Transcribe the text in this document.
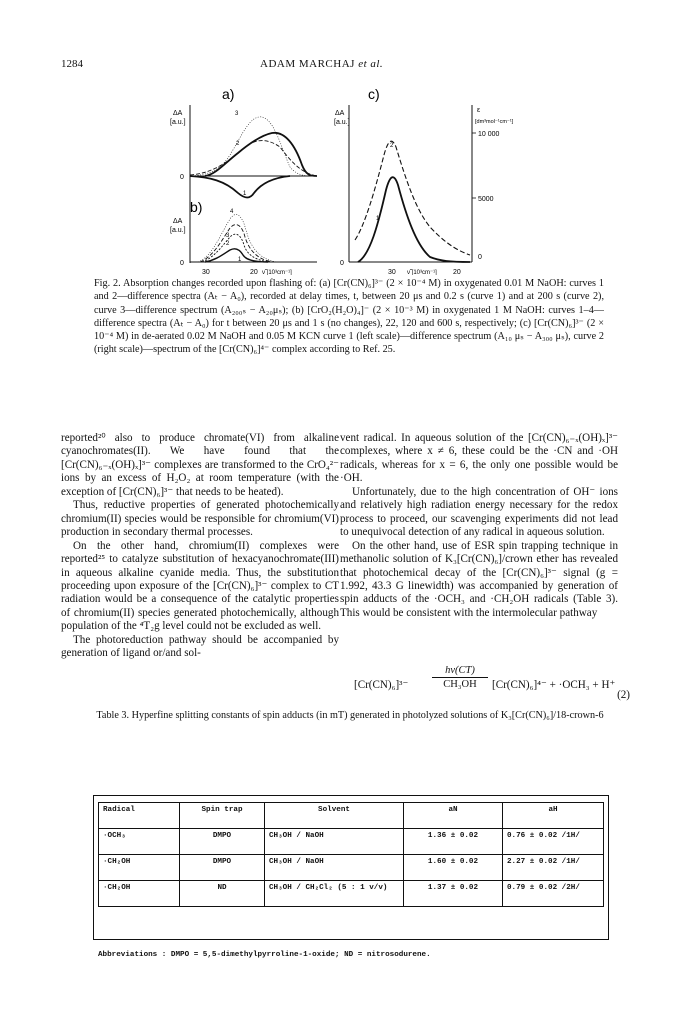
1284	ADAM MARCHAJ et al.
a)
ΔA
[a.u.]
0
3
2
1
b)
ΔA
[a.u.]
0
4
3
2
1
30	20 ν̃ [10³cm⁻¹]
c)
ΔA
[a.u.]
ε
[dm³mol⁻¹cm⁻¹]
10 000
5000
0
0
2
1
30 ν̃ [10³cm⁻¹] 20
Fig. 2. Absorption changes recorded upon flashing of: (a) [Cr(CN)₆]³⁻ (2 × 10⁻⁴ M) in oxygenated 0.01 M NaOH: curves 1 and 2—difference spectra (Aₜ − A₀), recorded at delay times, t, between 20 μs and 0.2 s (curve 1) and at 200 s (curve 2), curve 3—difference spectrum (A₂₀₀ₛ − A₂₀μₛ); (b) [CrO₂(H₂O)₄]⁻ (2 × 10⁻³ M) in oxygenated 1 M NaOH: curves 1–4—difference spectra (Aₜ − A₀) for t between 20 μs and 1 s (no changes), 22, 120 and 600 s, respectively; (c) [Cr(CN)₆]³⁻ (2 × 10⁻⁴ M) in de-aerated 0.02 M NaOH and 0.05 M KCN curve 1 (left scale)—difference spectrum (A₁₀ μₛ − A₃₀₀ μₛ), curve 2 (right scale)—spectrum of the [Cr(CN)₆]⁴⁻ complex according to Ref. 25.

reported²⁰ also to produce chromate(VI) from alkaline cyanochromates(II). We have found that the [Cr(CN)₆₋ₓ(OH)ₓ]³⁻ complexes are transformed to the CrO₄²⁻ ions by an excess of H₂O₂ at room temperature (with the exception of [Cr(CN)₆]³⁻ that needs to be heated).

Thus, reductive properties of generated photochemically chromium(II) species would be responsible for chromium(VI) production in secondary thermal processes.

On the other hand, chromium(II) complexes were reported²⁵ to catalyze substitution of hexacyanochromate(III) in aqueous alkaline cyanide media. Thus, the substitution proceeding upon exposure of the [Cr(CN)₆]³⁻ complex to CT radiation would be a consequence of the catalytic properties of chromium(II) species generated photochemically, although population of the ⁴T₂g level could not be excluded as well.

The photoreduction pathway should be accompanied by generation of ligand or/and sol-

vent radical. In aqueous solution of the [Cr(CN)₆₋ₓ(OH)ₓ]³⁻ complexes, where x ≠ 6, these could be the ·CN and ·OH radicals, whereas for x = 6, the only one possible would be ·OH.

Unfortunately, due to the high concentration of OH⁻ ions and relatively high radiation energy necessary for the redox process to proceed, our scavenging experiments did not lead to unequivocal detection of any radical in aqueous solution.

On the other hand, use of ESR spin trapping technique in methanolic solution of K₃[Cr(CN)₆]/crown ether has revealed that photochemical decay of the [Cr(CN)₆]³⁻ signal (g = 1.992, 43.3 G linewidth) was accompanied by generation of spin adducts of the ·OCH₃ and ·CH₂OH radicals (Table 3). This would be consistent with the intermolecular pathway

[Cr(CN)₆]³⁻
hν(CT)
CH₃OH	[Cr(CN)₆]⁴⁻ + ·OCH₃ + H⁺
(2)
Table 3. Hyperfine splitting constants of spin adducts (in mT) generated in photolyzed solutions of K₃[Cr(CN)₆]/18-crown-6
Radical	Spin trap	Solvent	aN	aH
·OCH₃	DMPO	CH₃OH / NaOH	1.36 ± 0.02	0.76 ± 0.02 /1H/
·CH₂OH	DMPO	CH₃OH / NaOH	1.60 ± 0.02	2.27 ± 0.02 /1H/
·CH₂OH	ND	CH₃OH / CH₂Cl₂ (5 : 1 v/v)	1.37 ± 0.02	0.79 ± 0.02 /2H/
Abbreviations : DMPO = 5,5-dimethylpyrroline-1-oxide; ND = nitrosodurene.
